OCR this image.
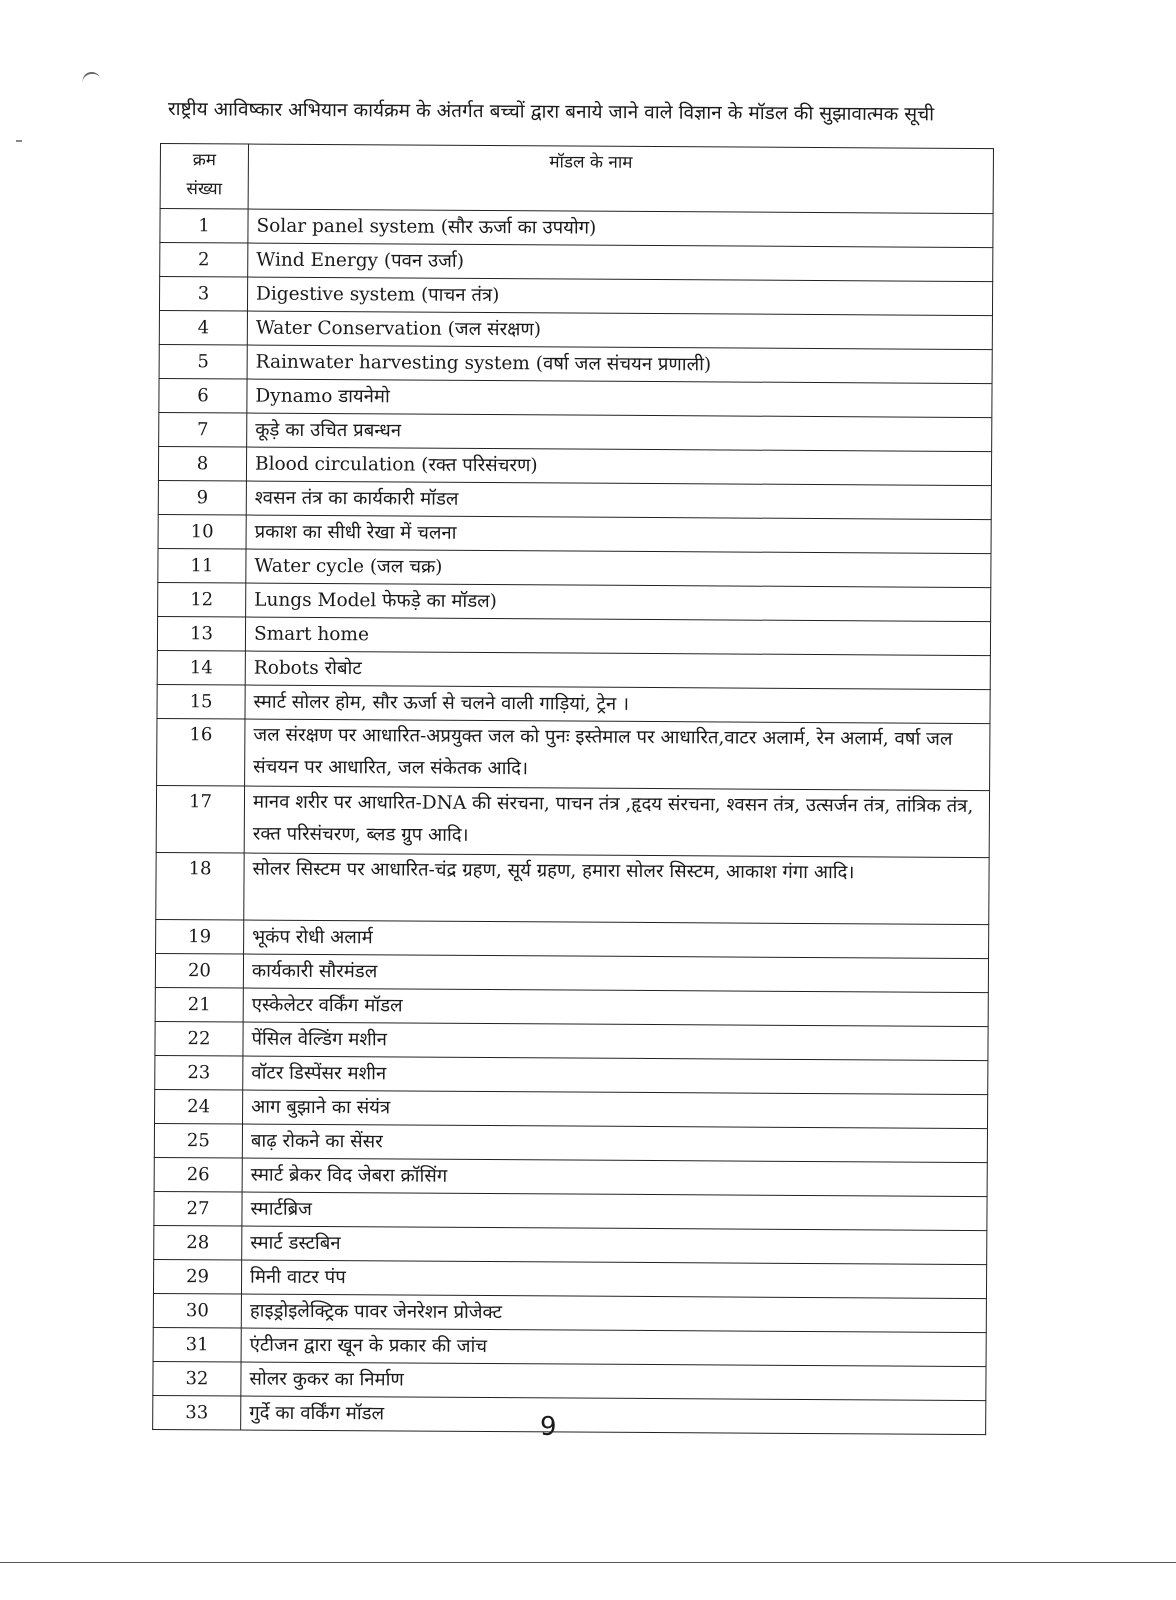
राष्ट्रीय आविष्कार अभियान कार्यक्रम के अंतर्गत बच्चों द्वारा बनाये जाने वाले विज्ञान के मॉडल की सुझावात्मक सूची
क्रम
संख्या	मॉडल के नाम
1	Solar panel system (सौर ऊर्जा का उपयोग)
2	Wind Energy (पवन उर्जा)
3	Digestive system (पाचन तंत्र)
4	Water Conservation (जल संरक्षण)
5	Rainwater harvesting system (वर्षा जल संचयन प्रणाली)
6	Dynamo डायनेमो
7	कूड़े का उचित प्रबन्धन
8	Blood circulation (रक्त परिसंचरण)
9	श्वसन तंत्र का कार्यकारी मॉडल
10	प्रकाश का सीधी रेखा में चलना
11	Water cycle (जल चक्र)
12	Lungs Model फेफड़े का मॉडल)
13	Smart home
14	Robots रोबोट
15	स्मार्ट सोलर होम, सौर ऊर्जा से चलने वाली गाड़ियां, ट्रेन ।
16	जल संरक्षण पर आधारित-अप्रयुक्त जल को पुनः इस्तेमाल पर आधारित,वाटर अलार्म, रेन अलार्म, वर्षा जल संचयन पर आधारित, जल संकेतक आदि।
17	मानव शरीर पर आधारित-DNA की संरचना, पाचन तंत्र ,हृदय संरचना, श्वसन तंत्र, उत्सर्जन तंत्र, तांत्रिक तंत्र, रक्त परिसंचरण, ब्लड ग्रुप आदि।
18	सोलर सिस्टम पर आधारित-चंद्र ग्रहण, सूर्य ग्रहण, हमारा सोलर सिस्टम, आकाश गंगा आदि।
19	भूकंप रोधी अलार्म
20	कार्यकारी सौरमंडल
21	एस्केलेटर वर्किंग मॉडल
22	पेंसिल वेल्डिंग मशीन
23	वॉटर डिस्पेंसर मशीन
24	आग बुझाने का संयंत्र
25	बाढ़ रोकने का सेंसर
26	स्मार्ट ब्रेकर विद जेबरा क्रॉसिंग
27	स्मार्टब्रिज
28	स्मार्ट डस्टबिन
29	मिनी वाटर पंप
30	हाइड्रोइलेक्ट्रिक पावर जेनरेशन प्रोजेक्ट
31	एंटीजन द्वारा खून के प्रकार की जांच
32	सोलर कुकर का निर्माण
33	गुर्दे का वर्किंग मॉडल	9
